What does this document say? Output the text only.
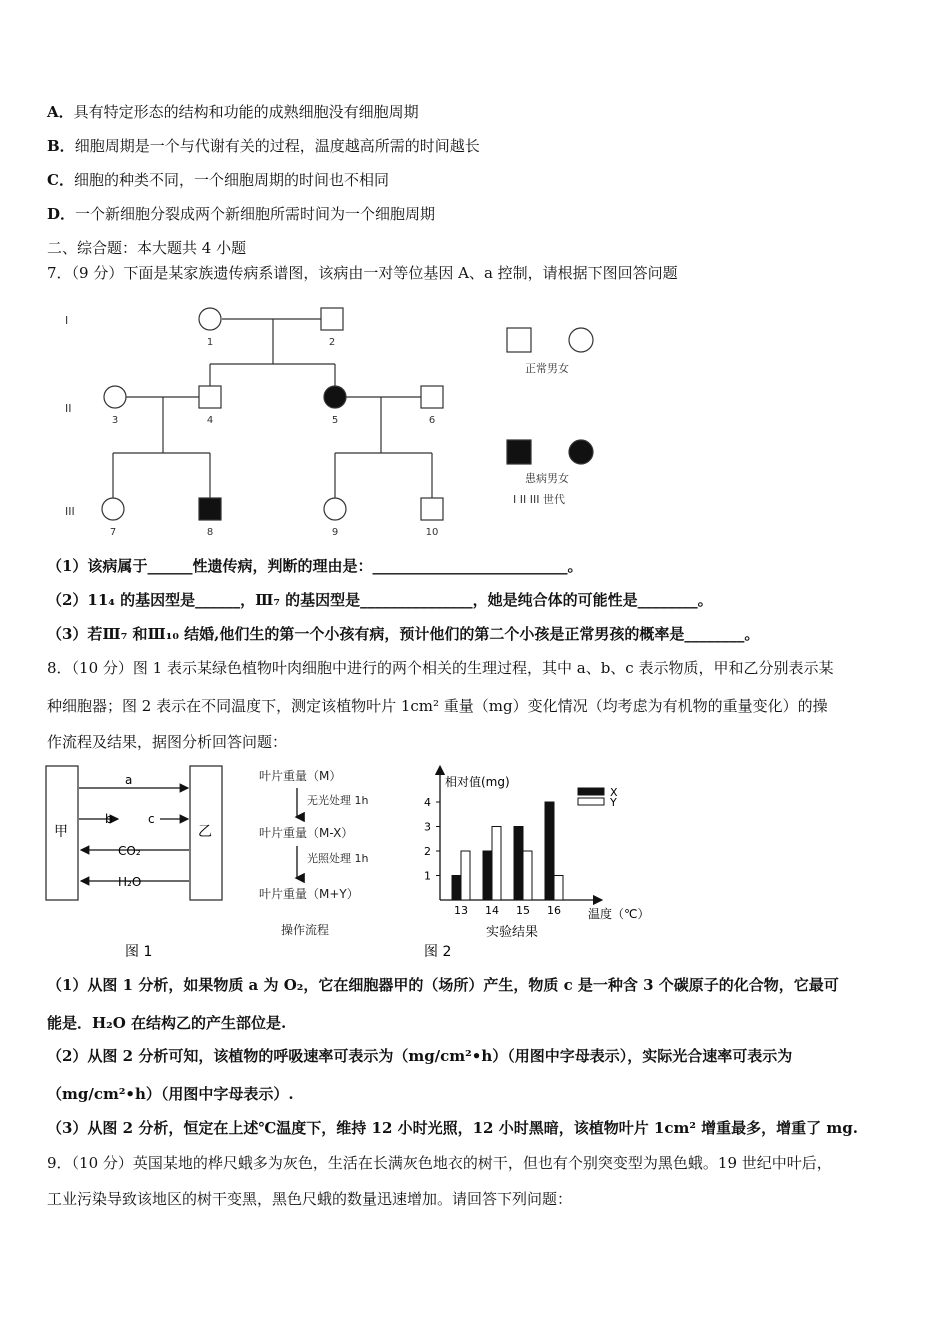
A．具有特定形态的结构和功能的成熟细胞没有细胞周期
B．细胞周期是一个与代谢有关的过程，温度越高所需的时间越长
C．细胞的种类不同，一个细胞周期的时间也不相同
D．一个新细胞分裂成两个新细胞所需时间为一个细胞周期
二、综合题：本大题共 4 小题
7．（9 分）下面是某家族遗传病系谱图，该病由一对等位基因 A、a 控制，请根据下图回答问题
I
II
III
1	2
3	4	5	6
7	8	9	10
正常男女
患病男女
I II III 世代
（1）该病属于______性遗传病，判断的理由是：__________________________。
（2）11₄ 的基因型是______，Ⅲ₇ 的基因型是_______________，她是纯合体的可能性是________。
（3）若Ⅲ₇ 和Ⅲ₁₀ 结婚,他们生的第一个小孩有病，预计他们的第二个小孩是正常男孩的概率是________。
8．（10 分）图 1 表示某绿色植物叶肉细胞中进行的两个相关的生理过程，其中 a、b、c 表示物质，甲和乙分别表示某
种细胞器；图 2 表示在不同温度下，测定该植物叶片 1cm² 重量（mg）变化情况（均考虑为有机物的重量变化）的操
作流程及结果，据图分析回答问题：
甲	乙
a
b	c
CO₂
H₂O
图 1
叶片重量（M）
无光处理 1h
叶片重量（M-X）
光照处理 1h
叶片重量（M+Y）
操作流程
相对值(mg)
温度（℃）
实验结果
图 2
1
2
3
4
13 14 15 16
X
Y
（1）从图 1 分析，如果物质 a 为 O₂，它在细胞器甲的（场所）产生，物质 c 是一种含 3 个碳原子的化合物，它最可
能是．H₂O 在结构乙的产生部位是.
（2）从图 2 分析可知，该植物的呼吸速率可表示为（mg/cm²•h）（用图中字母表示），实际光合速率可表示为
（mg/cm²•h）（用图中字母表示）.
（3）从图 2 分析，恒定在上述℃温度下，维持 12 小时光照，12 小时黑暗，该植物叶片 1cm² 增重最多，增重了 mg.
9．（10 分）英国某地的桦尺蛾多为灰色，生活在长满灰色地衣的树干，但也有个别突变型为黑色蛾。19 世纪中叶后，
工业污染导致该地区的树干变黑，黑色尺蛾的数量迅速增加。请回答下列问题：
